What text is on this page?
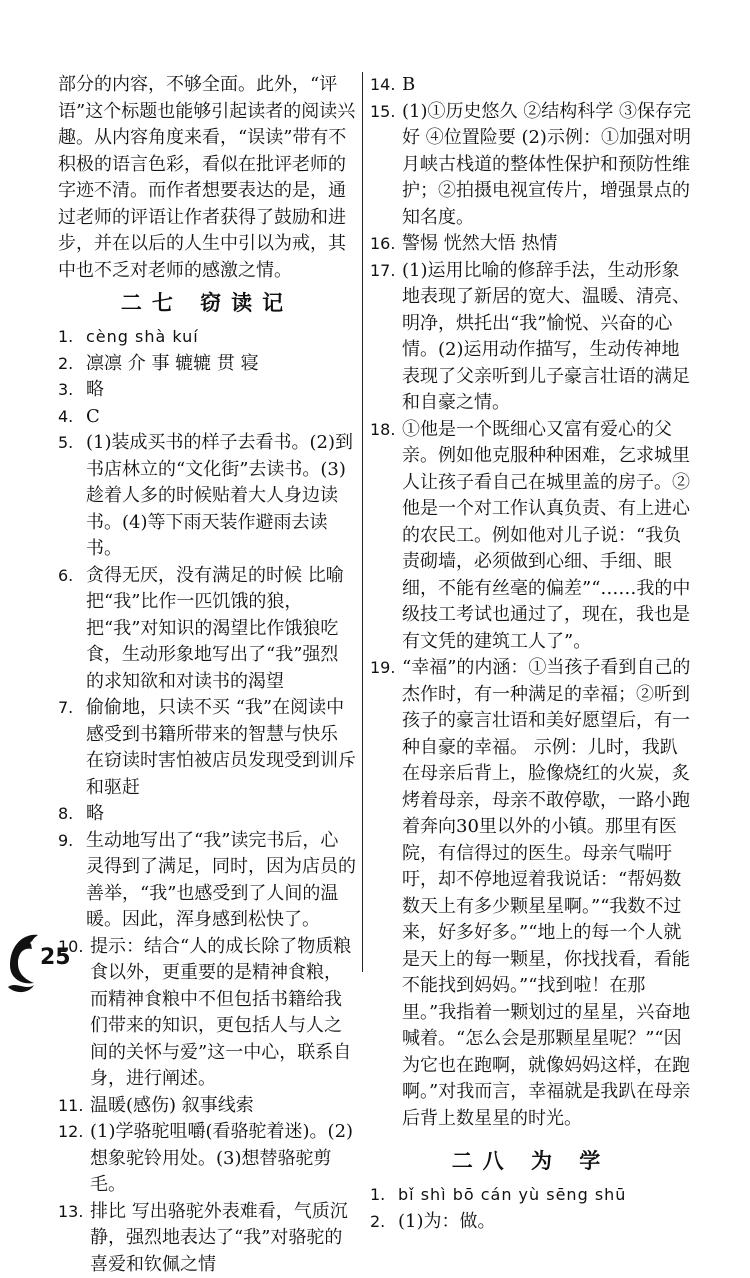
部分的内容，不够全面。此外，“评语”这个标题也能够引起读者的阅读兴趣。从内容角度来看，“误读”带有不积极的语言色彩，看似在批评老师的字迹不清。而作者想要表达的是，通过老师的评语让作者获得了鼓励和进步，并在以后的人生中引以为戒，其中也不乏对老师的感激之情。
二七 窃读记
1. cèng shà kuí
2. 凛凛 介 事 辘辘 贯 寝
3. 略
4. C
5. (1)装成买书的样子去看书。(2)到书店林立的“文化街”去读书。(3)趁着人多的时候贴着大人身边读书。(4)等下雨天装作避雨去读书。
6. 贪得无厌，没有满足的时候 比喻 把“我”比作一匹饥饿的狼，把“我”对知识的渴望比作饿狼吃食，生动形象地写出了“我”强烈的求知欲和对读书的渴望
7. 偷偷地，只读不买 “我”在阅读中感受到书籍所带来的智慧与快乐 在窃读时害怕被店员发现受到训斥和驱赶
8. 略
9. 生动地写出了“我”读完书后，心灵得到了满足，同时，因为店员的善举，“我”也感受到了人间的温暖。因此，浑身感到松快了。
10. 提示：结合“人的成长除了物质粮食以外，更重要的是精神食粮，而精神食粮中不但包括书籍给我们带来的知识，更包括人与人之间的关怀与爱”这一中心，联系自身，进行阐述。
11. 温暖(感伤) 叙事线索
12. (1)学骆驼咀嚼(看骆驼着迷)。(2)想象驼铃用处。(3)想替骆驼剪毛。
13. 排比 写出骆驼外表难看，气质沉静，强烈地表达了“我”对骆驼的喜爱和钦佩之情
14. B
15. (1)①历史悠久 ②结构科学 ③保存完好 ④位置险要 (2)示例：①加强对明月峡古栈道的整体性保护和预防性维护；②拍摄电视宣传片，增强景点的知名度。
16. 警惕 恍然大悟 热情
17. (1)运用比喻的修辞手法，生动形象地表现了新居的宽大、温暖、清亮、明净，烘托出“我”愉悦、兴奋的心情。(2)运用动作描写，生动传神地表现了父亲听到儿子豪言壮语的满足和自豪之情。
18. ①他是一个既细心又富有爱心的父亲。例如他克服种种困难，乞求城里人让孩子看自己在城里盖的房子。②他是一个对工作认真负责、有上进心的农民工。例如他对儿子说：“我负责砌墙，必须做到心细、手细、眼细，不能有丝毫的偏差”“……我的中级技工考试也通过了，现在，我也是有文凭的建筑工人了”。
19. “幸福”的内涵：①当孩子看到自己的杰作时，有一种满足的幸福；②听到孩子的豪言壮语和美好愿望后，有一种自豪的幸福。 示例：儿时，我趴在母亲后背上，脸像烧红的火炭，炙烤着母亲，母亲不敢停歇，一路小跑着奔向30里以外的小镇。那里有医院，有信得过的医生。母亲气喘吁吁，却不停地逗着我说话：“帮妈数数天上有多少颗星星啊。”“我数不过来，好多好多。”“地上的每一个人就是天上的每一颗星，你找找看，看能不能找到妈妈。”“找到啦！在那里。”我指着一颗划过的星星，兴奋地喊着。“怎么会是那颗星星呢？”“因为它也在跑啊，就像妈妈这样，在跑啊。”对我而言，幸福就是我趴在母亲后背上数星星的时光。
二八 为 学
1. bǐ shì bō cán yù sēng shū
2. (1)为：做。
25
